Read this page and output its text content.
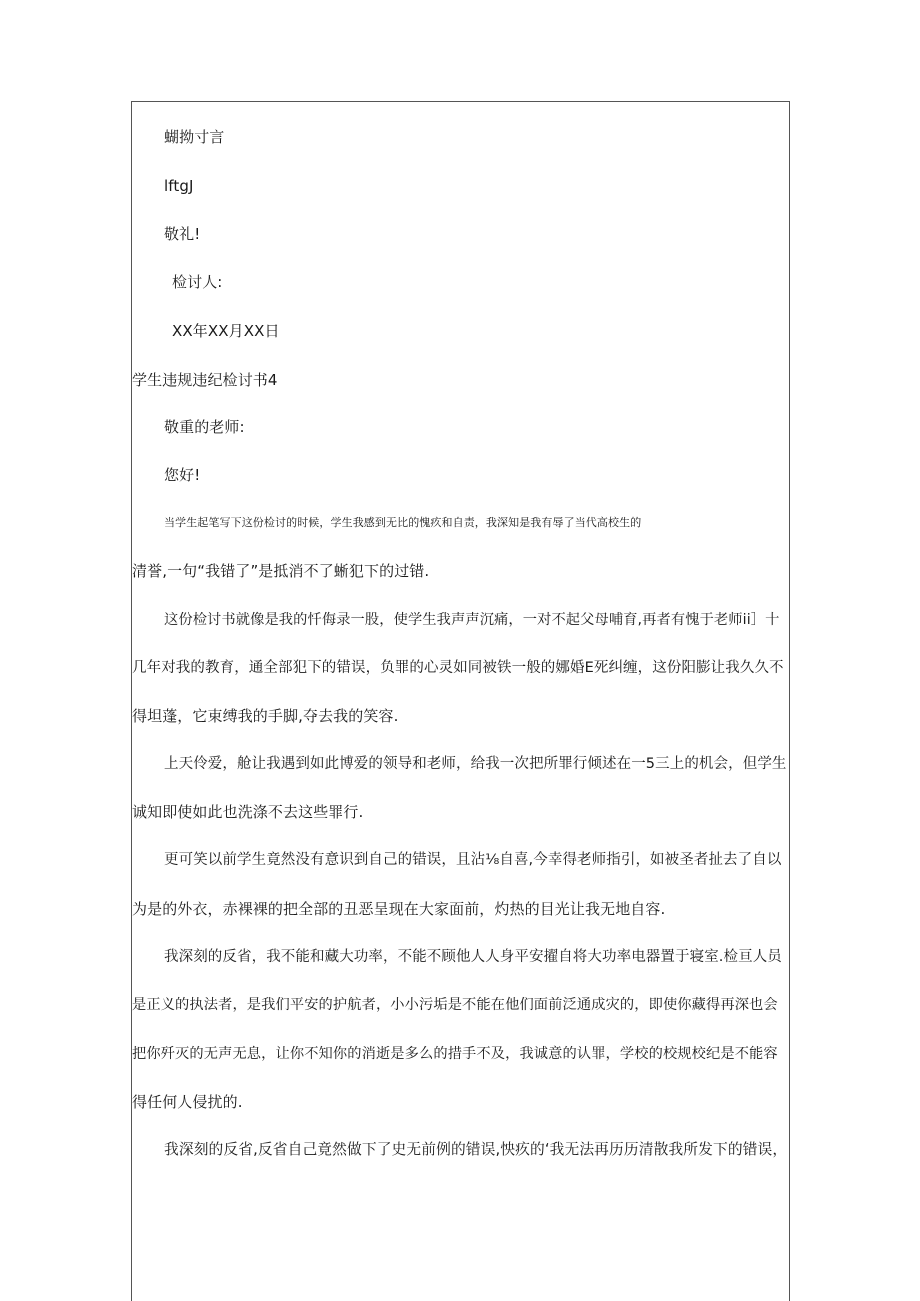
蝴拗寸言
lftgJ
敬礼!
检讨人:
XX年XX月XX日
学生违规违纪检讨书4
敬重的老师:
您好!
当学生起笔写下这份检讨的时候，学生我感到无比的愧疚和自责，我深知是我有辱了当代高校生的
清誉,一句“我错了”是抵消不了蜥犯下的过错.
这份检讨书就像是我的忏侮录一股，使学生我声声沉痛，一对不起父母哺育,再者有愧于老师ii］十
几年对我的教育，通全部犯下的错误，负罪的心灵如同被铁一般的娜婚E死纠缠，这份阳膨让我久久不
得坦蓬，它束缚我的手脚,夺去我的笑容.
上天伶爱，舱让我遇到如此博爱的领导和老师，给我一次把所罪行倾述在一5三上的机会，但学生
诚知即使如此也洗涤不去这些罪行.
更可笑以前学生竟然没有意识到自己的错误，且沾⅛自喜,今幸得老师指引，如被圣者扯去了自以
为是的外衣，赤裸裸的把全部的丑恶呈现在大家面前，灼热的目光让我无地自容.
我深刻的反省，我不能和藏大功率，不能不顾他人人身平安擢自将大功率电器置于寝室.检亘人员
是正义的执法者，是我们平安的护航者，小小污垢是不能在他们面前泛通成灾的，即使你藏得再深也会
把你歼灭的无声无息，让你不知你的消逝是多么的措手不及，我诚意的认罪，学校的校规校纪是不能容
得任何人侵扰的.
我深刻的反省,反省自己竟然做下了史无前例的错误,怏疚的‘我无法再历历清散我所发下的错误，
